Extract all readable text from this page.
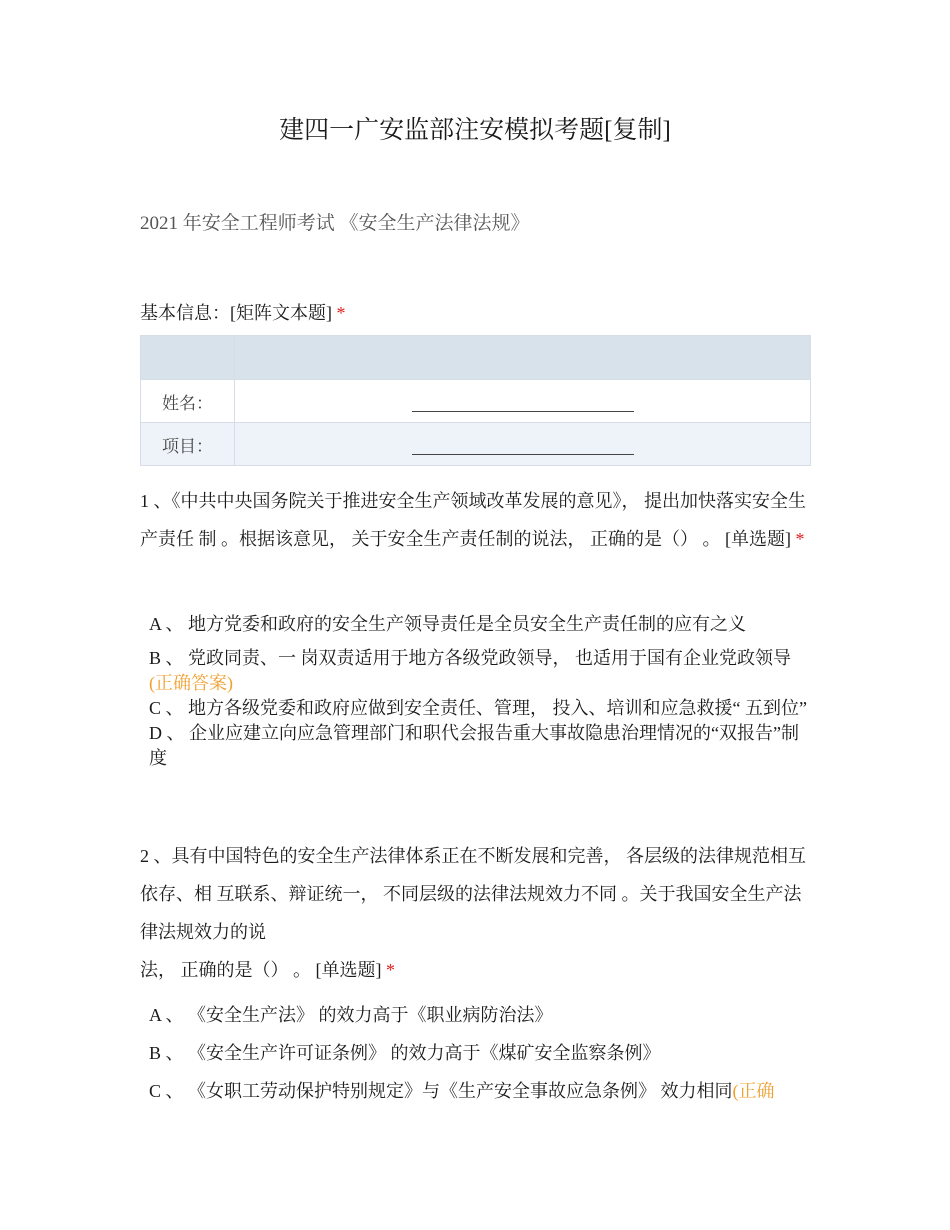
建四一广安监部注安模拟考题[复制]
2021 年安全工程师考试 《安全生产法律法规》
基本信息：[矩阵文本题] *

姓名：	
项目：	
1 、《中共中央国务院关于推进安全生产领域改革发展的意见》， 提出加快落实安全生产责任 制 。根据该意见， 关于安全生产责任制的说法， 正确的是（） 。 [单选题] *
A 、 地方党委和政府的安全生产领导责任是全员安全生产责任制的应有之义
B 、 党政同责、一 岗双责适用于地方各级党政领导， 也适用于国有企业党政领导(正确答案)
C 、 地方各级党委和政府应做到安全责任、管理， 投入、培训和应急救援“ 五到位”
D 、 企业应建立向应急管理部门和职代会报告重大事故隐患治理情况的“双报告”制度
2 、具有中国特色的安全生产法律体系正在不断发展和完善， 各层级的法律规范相互依存、相 互联系、辩证统一， 不同层级的法律法规效力不同 。关于我国安全生产法律法规效力的说
法， 正确的是（） 。 [单选题] *
A 、 《安全生产法》 的效力高于《职业病防治法》
B 、 《安全生产许可证条例》 的效力高于《煤矿安全监察条例》
C 、 《女职工劳动保护特别规定》与《生产安全事故应急条例》 效力相同(正确
